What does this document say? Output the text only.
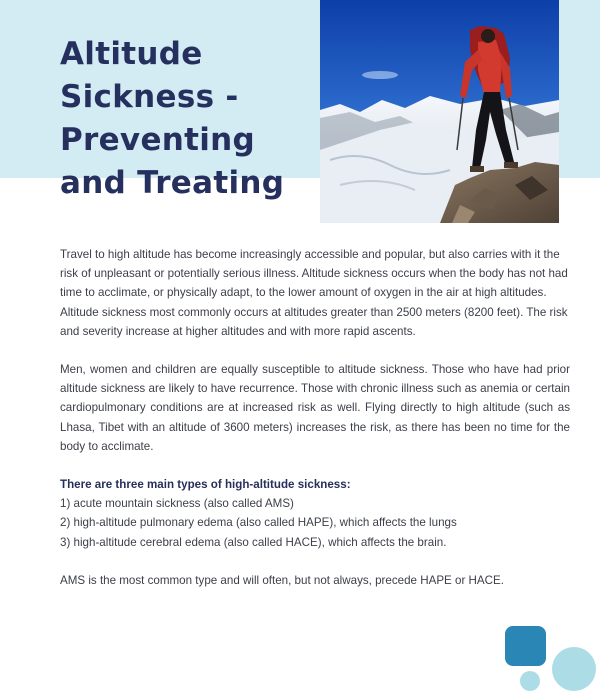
Altitude
Sickness -
Preventing
and Treating

Travel to high altitude has become increasingly accessible and popular, but also carries with it the risk of unpleasant or potentially serious illness. Altitude sickness occurs when the body has not had time to acclimate, or physically adapt, to the lower amount of oxygen in the air at high altitudes. Altitude sickness most commonly occurs at altitudes greater than 2500 meters (8200 feet). The risk and severity increase at higher altitudes and with more rapid ascents.

Men, women and children are equally susceptible to altitude sickness. Those who have had prior altitude sickness are likely to have recurrence. Those with chronic illness such as anemia or certain cardiopulmonary conditions are at increased risk as well. Flying directly to high altitude (such as Lhasa, Tibet with an altitude of 3600 meters) increases the risk, as there has been no time for the body to acclimate.

There are three main types of high-altitude sickness:
1) acute mountain sickness (also called AMS)
2) high-altitude pulmonary edema (also called HAPE), which affects the lungs
3) high-altitude cerebral edema (also called HACE), which affects the brain.

AMS is the most common type and will often, but not always, precede HAPE or HACE.
